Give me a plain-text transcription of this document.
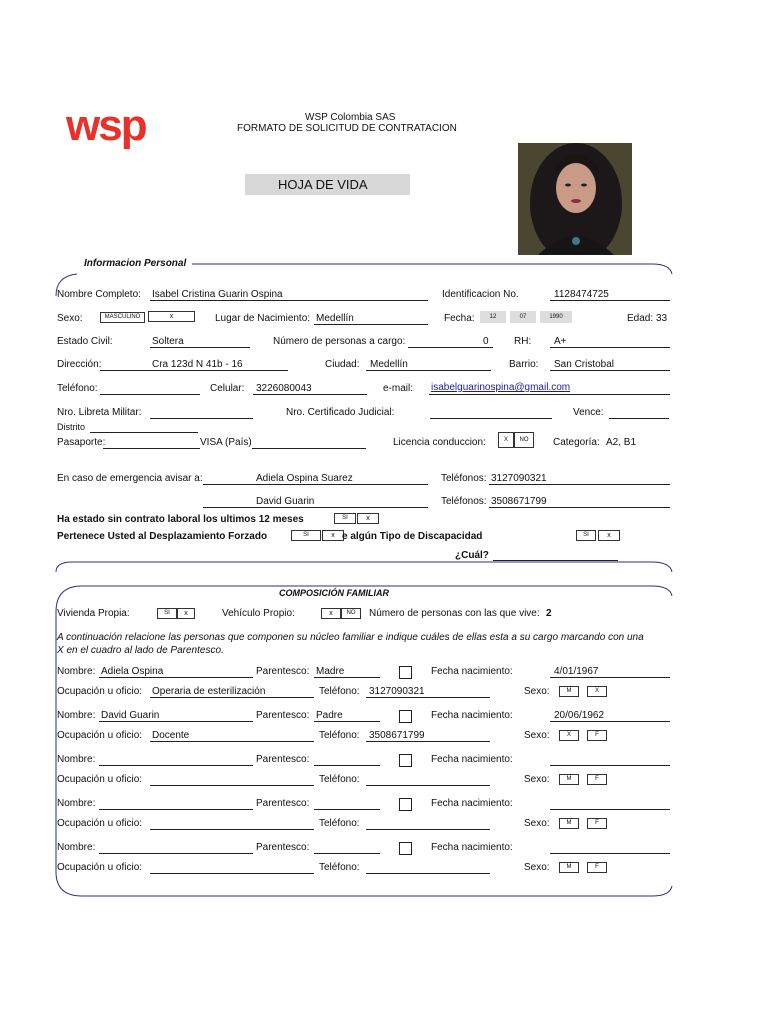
wsp	WSP Colombia SAS
FORMATO DE SOLICITUD DE CONTRATACION
HOJA DE VIDA
Informacion Personal
Nombre Completo: Isabel Cristina Guarin Ospina	Identificacion No.	1128474725
Sexo:	MASCULINO	x	Lugar de Nacimiento: Medellín	Fecha:	12	07	1990	Edad: 33
Estado Civil:	Soltera	Número de personas a cargo:	0	RH: A+
Dirección:	Cra 123d N 41b - 16	Ciudad: Medellín	Barrio: San Cristobal
Teléfono:	Celular: 3226080043	e-mail: isabelguarinospina@gmail.com
Nro. Libreta Militar:	Nro. Certificado Judicial:	Vence:
Distrito
Pasaporte:	VISA (País)	Licencia conduccion:	X	NO	Categoría: A2, B1
En caso de emergencia avisar a:	Adiela Ospina Suarez	Teléfonos: 3127090321
David Guarin	Teléfonos: 3508671799
Ha estado sin contrato laboral los ultimos 12 meses	SI	x
Pertenece Usted al Desplazamiento Forzado	SI	x e algún Tipo de Discapacidad	SI	x
¿Cuál?
COMPOSICIÓN FAMILIAR
Vivienda Propia:	SI	x	Vehículo Propio:	x	NO	Número de personas con las que vive: 2
A continuación relacione las personas que componen su núcleo familiar e indique cuáles de ellas esta a su cargo marcando con una
X en el cuadro al lado de Parentesco.
Nombre: Adiela Ospina	Parentesco: Madre	Fecha nacimiento:	4/01/1967
Ocupación u oficio: Operaria de esterilización	Teléfono: 3127090321	Sexo:	M	X
Nombre: David Guarin	Parentesco: Padre	Fecha nacimiento:	20/06/1962
Ocupación u oficio: Docente	Teléfono: 3508671799	Sexo:	X	F
Nombre:	Parentesco:	Fecha nacimiento:
Ocupación u oficio:	Teléfono:	Sexo:	M	F
Nombre:	Parentesco:	Fecha nacimiento:
Ocupación u oficio:	Teléfono:	Sexo:	M	F
Nombre:	Parentesco:	Fecha nacimiento:
Ocupación u oficio:	Teléfono:	Sexo:	M	F
